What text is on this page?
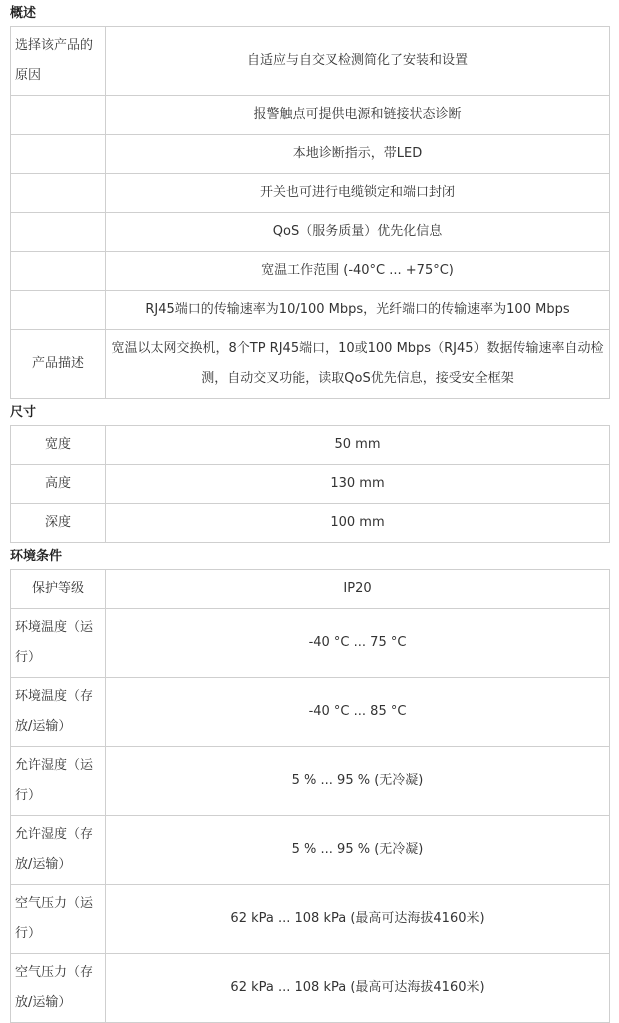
概述
选择该产品的原因	自适应与自交叉检测简化了安装和设置
	报警触点可提供电源和链接状态诊断
	本地诊断指示，带LED
	开关也可进行电缆锁定和端口封闭
	QoS（服务质量）优先化信息
	宽温工作范围 (-40°C ... +75°C)
	RJ45端口的传输速率为10/100 Mbps，光纤端口的传输速率为100 Mbps
产品描述	宽温以太网交换机，8个TP RJ45端口，10或100 Mbps（RJ45）数据传输速率自动检测，自动交叉功能，读取QoS优先信息，接受安全框架
尺寸
宽度	50 mm
高度	130 mm
深度	100 mm
环境条件
保护等级	IP20
环境温度（运行）	-40 °C ... 75 °C
环境温度（存放/运输）	-40 °C ... 85 °C
允许湿度（运行）	5 % ... 95 % (无冷凝)
允许湿度（存放/运输）	5 % ... 95 % (无冷凝)
空气压力（运行）	62 kPa ... 108 kPa (最高可达海拔4160米)
空气压力（存放/运输）	62 kPa ... 108 kPa (最高可达海拔4160米)
